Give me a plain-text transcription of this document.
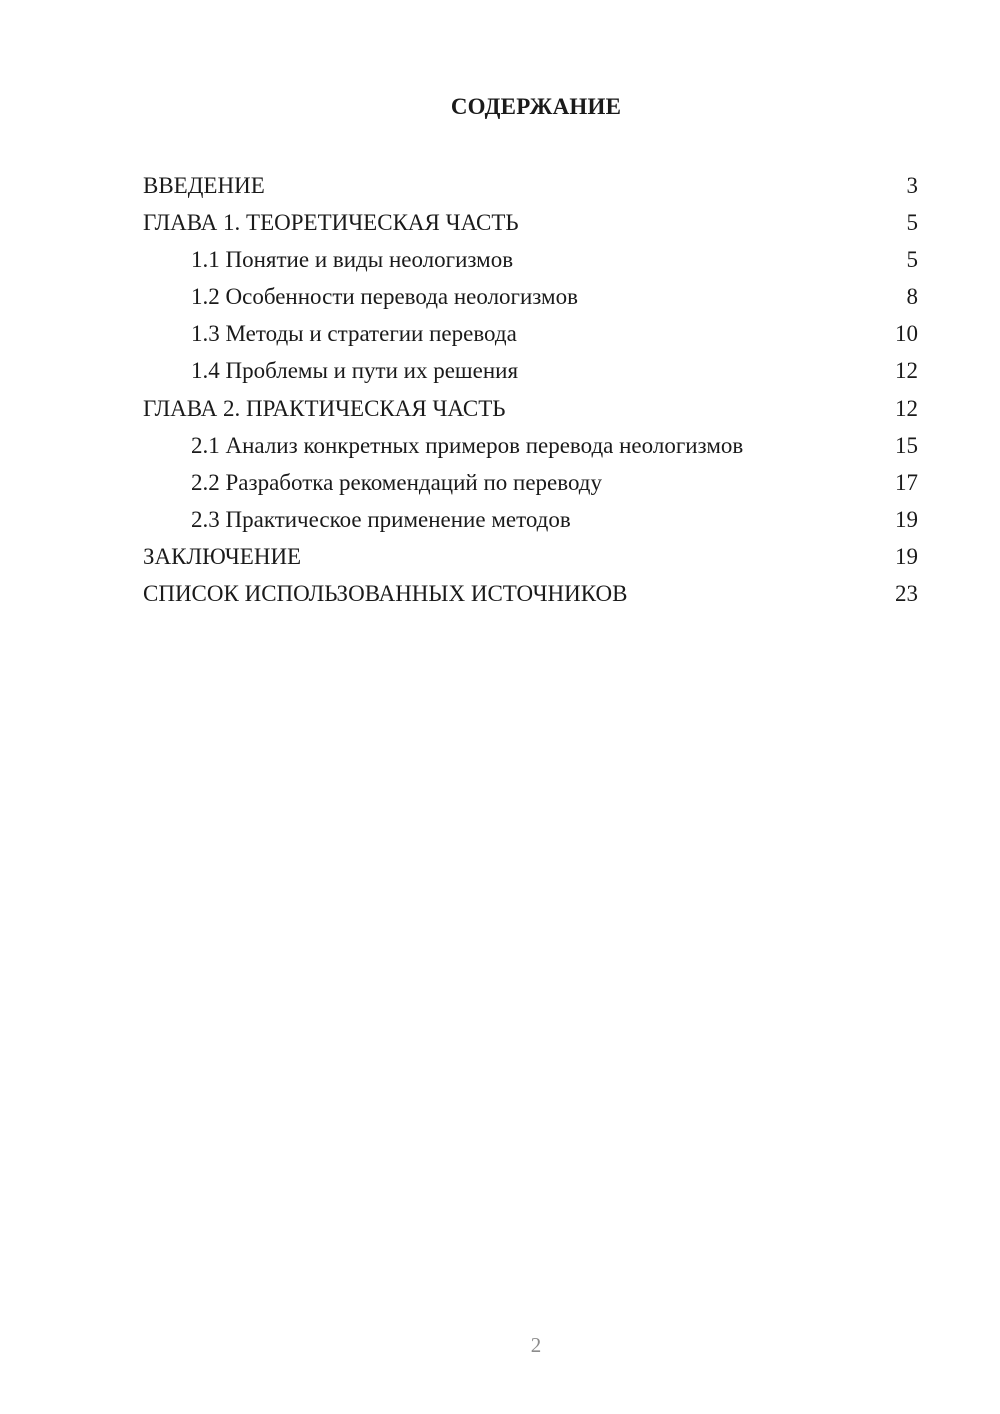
СОДЕРЖАНИЕ
ВВЕДЕНИЕ	3
ГЛАВА 1. ТЕОРЕТИЧЕСКАЯ ЧАСТЬ	5
1.1 Понятие и виды неологизмов	5
1.2 Особенности перевода неологизмов	8
1.3 Методы и стратегии перевода	10
1.4 Проблемы и пути их решения	12
ГЛАВА 2. ПРАКТИЧЕСКАЯ ЧАСТЬ	12
2.1 Анализ конкретных примеров перевода неологизмов	15
2.2 Разработка рекомендаций по переводу	17
2.3 Практическое применение методов	19
ЗАКЛЮЧЕНИЕ	19
СПИСОК ИСПОЛЬЗОВАННЫХ ИСТОЧНИКОВ	23
2
